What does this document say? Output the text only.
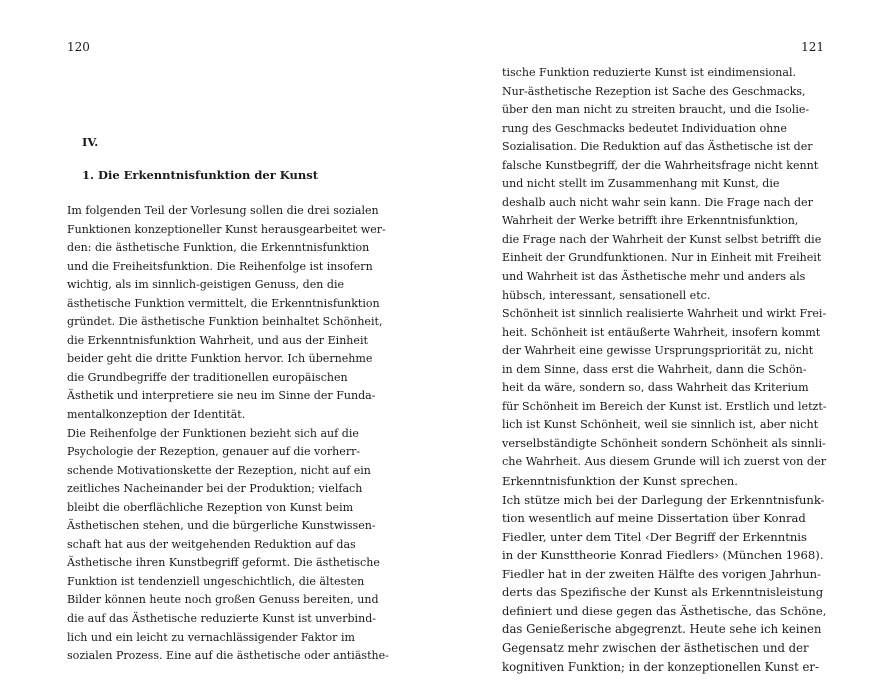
120
IV.
1. Die Erkenntnisfunktion der Kunst
Im folgenden Teil der Vorlesung sollen die drei sozialen
Funktionen konzeptioneller Kunst herausgearbeitet wer-
den: die ästhetische Funktion, die Erkenntnisfunktion
und die Freiheitsfunktion. Die Reihenfolge ist insofern
wichtig, als im sinnlich-geistigen Genuss, den die
ästhetische Funktion vermittelt, die Erkenntnisfunktion
gründet. Die ästhetische Funktion beinhaltet Schönheit,
die Erkenntnisfunktion Wahrheit, und aus der Einheit
beider geht die dritte Funktion hervor. Ich übernehme
die Grundbegriffe der traditionellen europäischen
Ästhetik und interpretiere sie neu im Sinne der Funda-
mentalkonzeption der Identität.
Die Reihenfolge der Funktionen bezieht sich auf die
Psychologie der Rezeption, genauer auf die vorherr-
schende Motivationskette der Rezeption, nicht auf ein
zeitliches Nacheinander bei der Produktion; vielfach
bleibt die oberflächliche Rezeption von Kunst beim
Ästhetischen stehen, und die bürgerliche Kunstwissen-
schaft hat aus der weitgehenden Reduktion auf das
Ästhetische ihren Kunstbegriff geformt. Die ästhetische
Funktion ist tendenziell ungeschichtlich, die ältesten
Bilder können heute noch großen Genuss bereiten, und
die auf das Ästhetische reduzierte Kunst ist unverbind-
lich und ein leicht zu vernachlässigender Faktor im
sozialen Prozess. Eine auf die ästhetische oder antiästhe-
121
tische Funktion reduzierte Kunst ist eindimensional.
Nur-ästhetische Rezeption ist Sache des Geschmacks,
über den man nicht zu streiten braucht, und die Isolie-
rung des Geschmacks bedeutet Individuation ohne
Sozialisation. Die Reduktion auf das Ästhetische ist der
falsche Kunstbegriff, der die Wahrheitsfrage nicht kennt
und nicht stellt im Zusammenhang mit Kunst, die
deshalb auch nicht wahr sein kann. Die Frage nach der
Wahrheit der Werke betrifft ihre Erkenntnisfunktion,
die Frage nach der Wahrheit der Kunst selbst betrifft die
Einheit der Grundfunktionen. Nur in Einheit mit Freiheit
und Wahrheit ist das Ästhetische mehr und anders als
hübsch, interessant, sensationell etc.
Schönheit ist sinnlich realisierte Wahrheit und wirkt Frei-
heit. Schönheit ist entäußerte Wahrheit, insofern kommt
der Wahrheit eine gewisse Ursprungspriorität zu, nicht
in dem Sinne, dass erst die Wahrheit, dann die Schön-
heit da wäre, sondern so, dass Wahrheit das Kriterium
für Schönheit im Bereich der Kunst ist. Erstlich und letzt-
lich ist Kunst Schönheit, weil sie sinnlich ist, aber nicht
verselbständigte Schönheit sondern Schönheit als sinnli-
che Wahrheit. Aus diesem Grunde will ich zuerst von der
Erkenntnisfunktion der Kunst sprechen.
Ich stütze mich bei der Darlegung der Erkenntnisfunk-
tion wesentlich auf meine Dissertation über Konrad
Fiedler, unter dem Titel ‹Der Begriff der Erkenntnis
in der Kunsttheorie Konrad Fiedlers› (München 1968).
Fiedler hat in der zweiten Hälfte des vorigen Jahrhun-
derts das Spezifische der Kunst als Erkenntnisleistung
definiert und diese gegen das Ästhetische, das Schöne,
das Genießerische abgegrenzt. Heute sehe ich keinen
Gegensatz mehr zwischen der ästhetischen und der
kognitiven Funktion; in der konzeptionellen Kunst er-
